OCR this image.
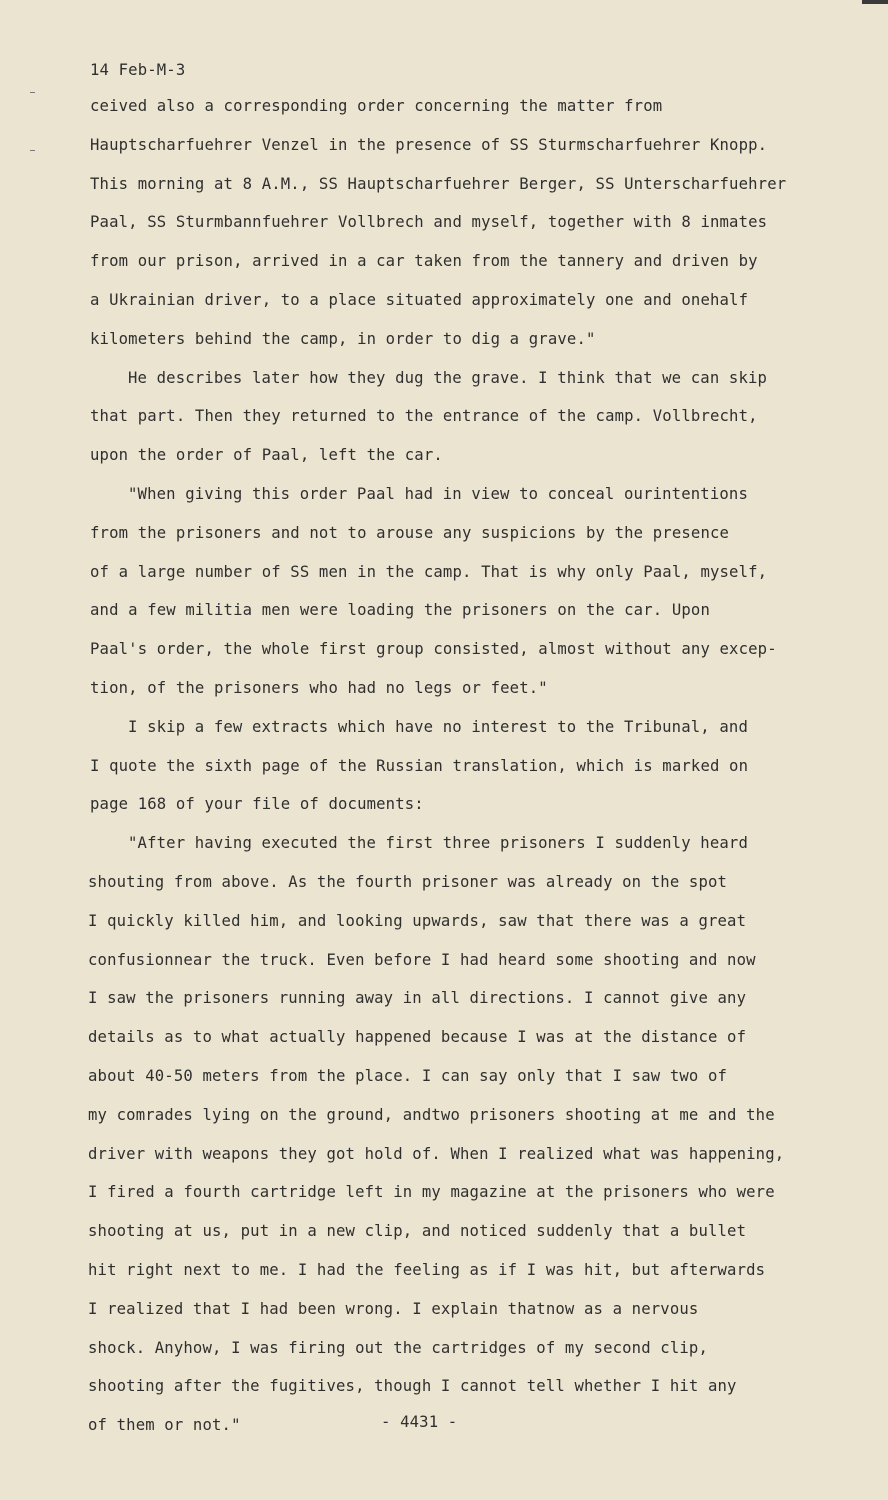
14 Feb-M-3
ceived also a corresponding order concerning the matter from
Hauptscharfuehrer Venzel in the presence of SS Sturmscharfuehrer Knopp.
This morning at 8 A.M., SS Hauptscharfuehrer Berger, SS Unterscharfuehrer
Paal, SS Sturmbannfuehrer Vollbrech and myself, together with 8 inmates
from our prison, arrived in a car taken from the tannery and driven by
a Ukrainian driver, to a place situated approximately one and onehalf
kilometers behind the camp, in order to dig a grave."
He describes later how they dug the grave. I think that we can skip
that part. Then they returned to the entrance of the camp. Vollbrecht,
upon the order of Paal, left the car.
"When giving this order Paal had in view to conceal ourintentions
from the prisoners and not to arouse any suspicions by the presence
of a large number of SS men in the camp. That is why only Paal, myself,
and a few militia men were loading the prisoners on the car. Upon
Paal's order, the whole first group consisted, almost without any excep-
tion, of the prisoners who had no legs or feet."
I skip a few extracts which have no interest to the Tribunal, and
I quote the sixth page of the Russian translation, which is marked on
page 168 of your file of documents:
"After having executed the first three prisoners I suddenly heard
shouting from above. As the fourth prisoner was already on the spot
I quickly killed him, and looking upwards, saw that there was a great
confusionnear the truck. Even before I had heard some shooting and now
I saw the prisoners running away in all directions. I cannot give any
details as to what actually happened because I was at the distance of
about 40-50 meters from the place. I can say only that I saw two of
my comrades lying on the ground, andtwo prisoners shooting at me and the
driver with weapons they got hold of. When I realized what was happening,
I fired a fourth cartridge left in my magazine at the prisoners who were
shooting at us, put in a new clip, and noticed suddenly that a bullet
hit right next to me. I had the feeling as if I was hit, but afterwards
I realized that I had been wrong. I explain thatnow as a nervous
shock. Anyhow, I was firing out the cartridges of my second clip,
shooting after the fugitives, though I cannot tell whether I hit any
of them or not."	- 4431 -
